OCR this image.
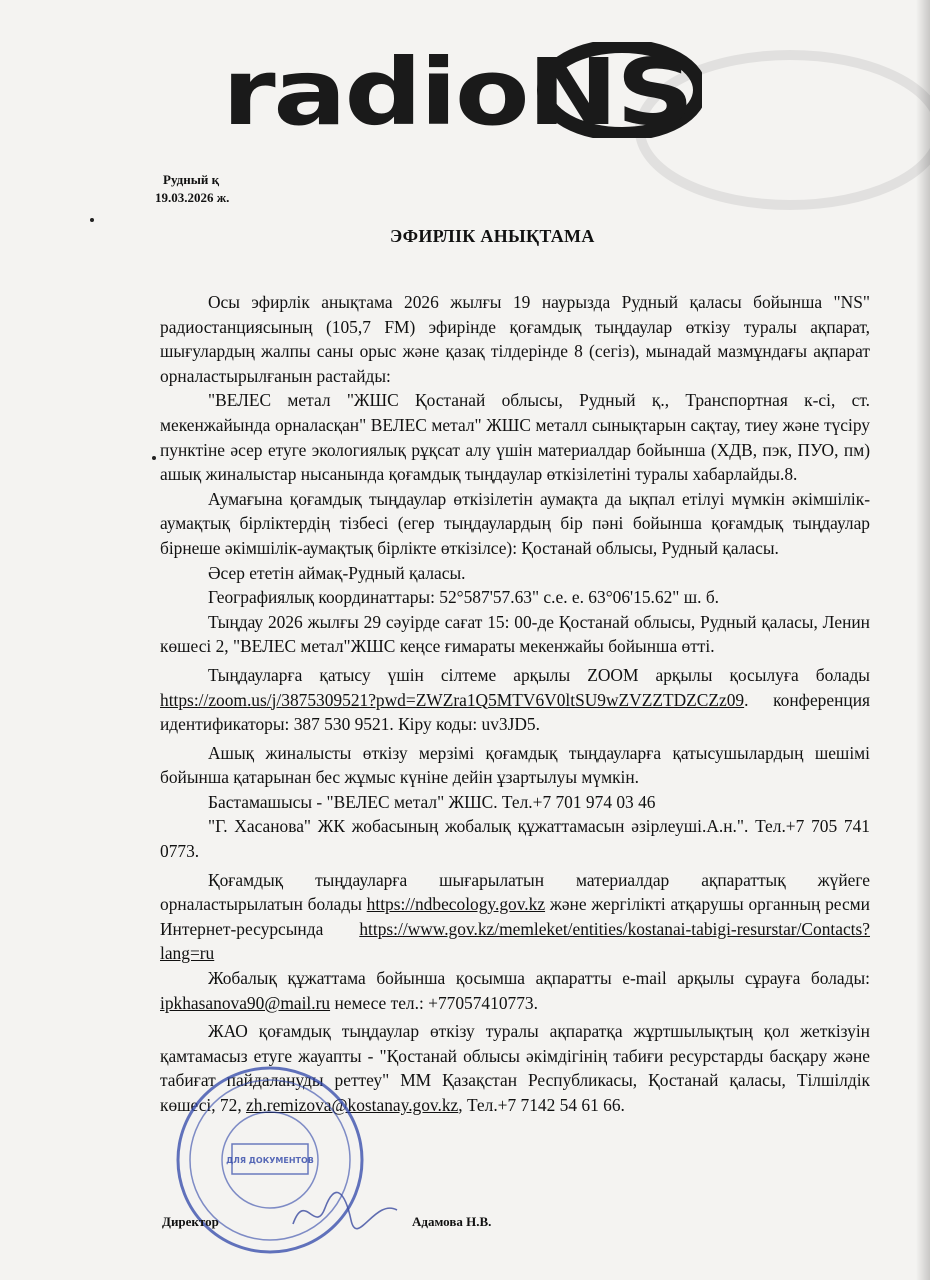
radioNS
Рудный қ
19.03.2026 ж.
ЭФИРЛІК АНЫҚТАМА

Осы эфирлік анықтама 2026 жылғы 19 наурызда Рудный қаласы бойынша "NS" радиостанциясының (105,7 FM) эфирінде қоғамдық тыңдаулар өткізу туралы ақпарат, шығулардың жалпы саны орыс және қазақ тілдерінде 8 (сегіз), мынадай мазмұндағы ақпарат орналастырылғанын растайды:

"ВЕЛЕС метал "ЖШС Қостанай облысы, Рудный қ., Транспортная к-сі, ст. мекенжайында орналасқан" ВЕЛЕС метал" ЖШС металл сынықтарын сақтау, тиеу және түсіру пунктіне әсер етуге экологиялық рұқсат алу үшін материалдар бойынша (ХДВ, пэк, ПУО, пм) ашық жиналыстар нысанында қоғамдық тыңдаулар өткізілетіні туралы хабарлайды.8.

Аумағына қоғамдық тыңдаулар өткізілетін аумақта да ықпал етілуі мүмкін әкімшілік-аумақтық бірліктердің тізбесі (егер тыңдаулардың бір пәні бойынша қоғамдық тыңдаулар бірнеше әкімшілік-аумақтық бірлікте өткізілсе): Қостанай облысы, Рудный қаласы.

Әсер ететін аймақ-Рудный қаласы.

Географиялық координаттары: 52°587'57.63" с.е. е. 63°06'15.62" ш. б.

Тыңдау 2026 жылғы 29 сәуірде сағат 15: 00-де Қостанай облысы, Рудный қаласы, Ленин көшесі 2, "ВЕЛЕС метал"ЖШС кеңсе ғимараты мекенжайы бойынша өтті.

Тыңдауларға қатысу үшін сілтеме арқылы ZOOM арқылы қосылуға болады https://zoom.us/j/3875309521?pwd=ZWZra1Q5MTV6V0ltSU9wZVZZTDZCZz09. конференция идентификаторы: 387 530 9521. Кіру коды: uv3JD5.

Ашық жиналысты өткізу мерзімі қоғамдық тыңдауларға қатысушылардың шешімі бойынша қатарынан бес жұмыс күніне дейін ұзартылуы мүмкін.

Бастамашысы - "ВЕЛЕС метал" ЖШС. Тел.+7 701 974 03 46

"Г. Хасанова" ЖК жобасының жобалық құжаттамасын әзірлеуші.А.н.". Тел.+7 705 741 0773.

Қоғамдық тыңдауларға шығарылатын материалдар ақпараттық жүйеге орналастырылатын болады https://ndbecology.gov.kz және жергілікті атқарушы органның ресми Интернет-ресурсында https://www.gov.kz/memleket/entities/kostanai-tabigi-resurstar/Contacts?lang=ru

Жобалық құжаттама бойынша қосымша ақпаратты e-mail арқылы сұрауға болады: ipkhasanova90@mail.ru немесе тел.: +77057410773.

ЖАО қоғамдық тыңдаулар өткізу туралы ақпаратқа жұртшылықтың қол жеткізуін қамтамасыз етуге жауапты - "Қостанай облысы әкімдігінің табиғи ресурстарды басқару және табиғат пайдалануды реттеу" ММ Қазақстан Республикасы, Қостанай қаласы, Тілшілдік көшесі, 72, zh.remizova@kostanay.gov.kz, Тел.+7 7142 54 61 66.

ДЛЯ ДОКУМЕНТОВ
Директор	Адамова Н.В.
